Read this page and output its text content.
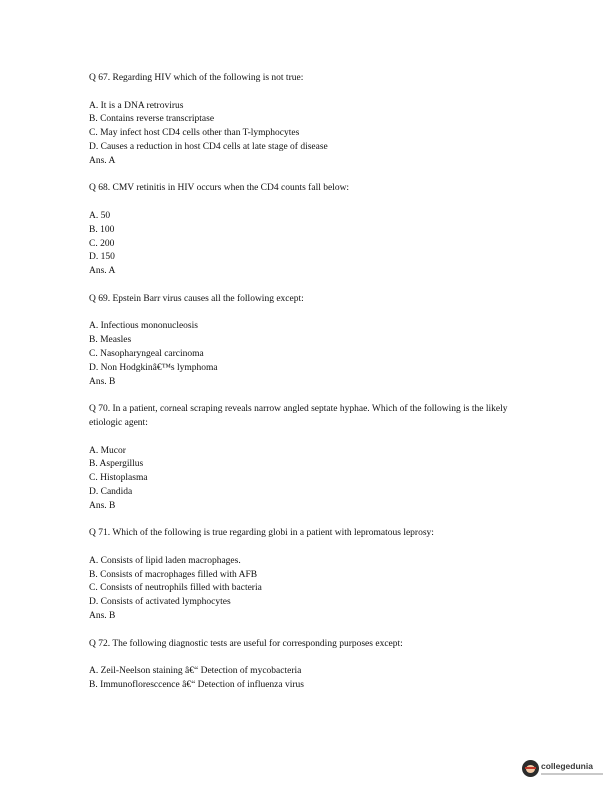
Q 67. Regarding HIV which of the following is not true:

A. It is a DNA retrovirus

B. Contains reverse transcriptase

C. May infect host CD4 cells other than T-lymphocytes

D. Causes a reduction in host CD4 cells at late stage of disease

Ans. A

Q 68. CMV retinitis in HIV occurs when the CD4 counts fall below:

A. 50

B. 100

C. 200

D. 150

Ans. A

Q 69. Epstein Barr virus causes all the following except:

A. Infectious mononucleosis

B. Measles

C. Nasopharyngeal carcinoma

D. Non Hodgkinâ€™s lymphoma

Ans. B

Q 70. In a patient, corneal scraping reveals narrow angled septate hyphae. Which of the following is the likely etiologic agent:

A. Mucor

B. Aspergillus

C. Histoplasma

D. Candida

Ans. B

Q 71. Which of the following is true regarding globi in a patient with lepromatous leprosy:

A. Consists of lipid laden macrophages.

B. Consists of macrophages filled with AFB

C. Consists of neutrophils filled with bacteria

D. Consists of activated lymphocytes

Ans. B

Q 72. The following diagnostic tests are useful for corresponding purposes except:

A. Zeil-Neelson staining â€“ Detection of mycobacteria

B. Immunofloresccence â€“ Detection of influenza virus

collegedunia
